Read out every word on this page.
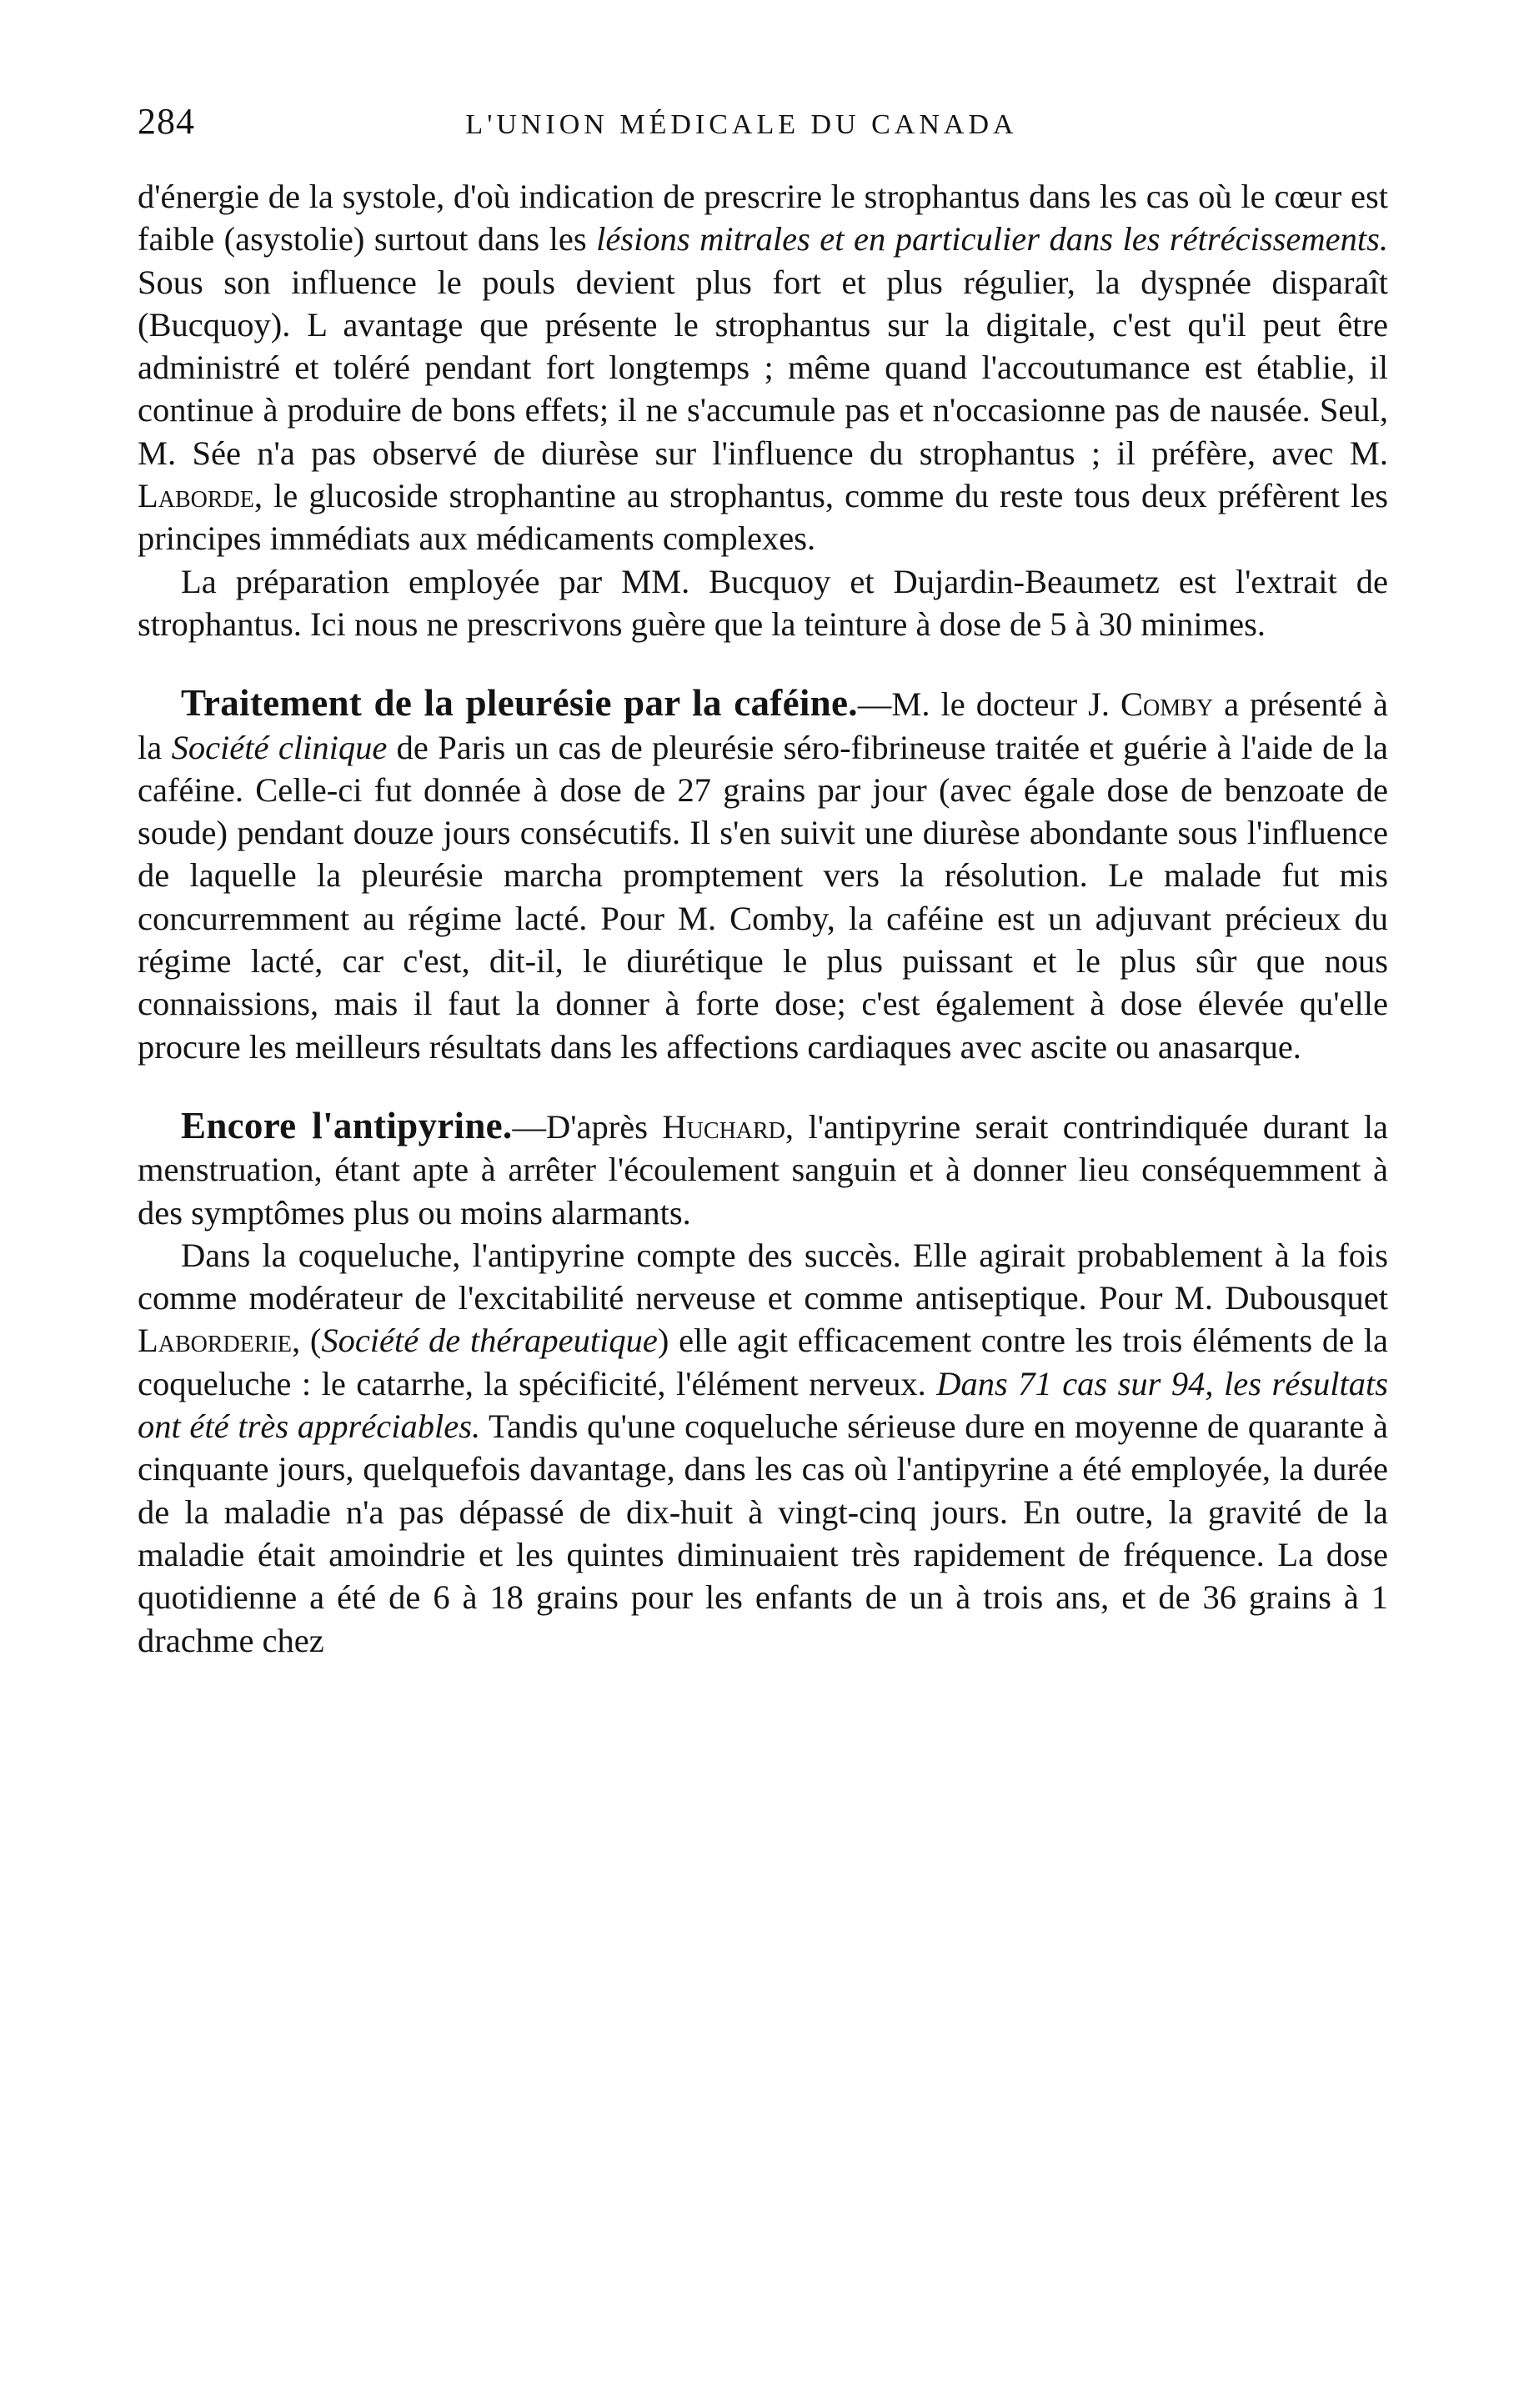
284	L'UNION MÉDICALE DU CANADA

d'énergie de la systole, d'où indication de prescrire le strophantus dans les cas où le cœur est faible (asystolie) surtout dans les lésions mitrales et en particulier dans les rétrécissements. Sous son influence le pouls devient plus fort et plus régulier, la dyspnée disparaît (Bucquoy). L avantage que présente le strophantus sur la digitale, c'est qu'il peut être administré et toléré pendant fort longtemps ; même quand l'accoutumance est établie, il continue à produire de bons effets; il ne s'accumule pas et n'occasionne pas de nausée. Seul, M. Sée n'a pas observé de diurèse sur l'influence du strophantus ; il préfère, avec M. Laborde, le glucoside strophantine au strophantus, comme du reste tous deux préfèrent les principes immédiats aux médicaments complexes.

La préparation employée par MM. Bucquoy et Dujardin-Beaumetz est l'extrait de strophantus. Ici nous ne prescrivons guère que la teinture à dose de 5 à 30 minimes.

Traitement de la pleurésie par la caféine.—M. le docteur J. Comby a présenté à la Société clinique de Paris un cas de pleurésie séro-fibrineuse traitée et guérie à l'aide de la caféine. Celle-ci fut donnée à dose de 27 grains par jour (avec égale dose de benzoate de soude) pendant douze jours consécutifs. Il s'en suivit une diurèse abondante sous l'influence de laquelle la pleurésie marcha promptement vers la résolution. Le malade fut mis concurremment au régime lacté. Pour M. Comby, la caféine est un adjuvant précieux du régime lacté, car c'est, dit-il, le diurétique le plus puissant et le plus sûr que nous connaissions, mais il faut la donner à forte dose; c'est également à dose élevée qu'elle procure les meilleurs résultats dans les affections cardiaques avec ascite ou anasarque.

Encore l'antipyrine.—D'après Huchard, l'antipyrine serait contrindiquée durant la menstruation, étant apte à arrêter l'écoulement sanguin et à donner lieu conséquemment à des symptômes plus ou moins alarmants.

Dans la coqueluche, l'antipyrine compte des succès. Elle agirait probablement à la fois comme modérateur de l'excitabilité nerveuse et comme antiseptique. Pour M. Dubousquet Laborderie, (Société de thérapeutique) elle agit efficacement contre les trois éléments de la coqueluche : le catarrhe, la spécificité, l'élément nerveux. Dans 71 cas sur 94, les résultats ont été très appréciables. Tandis qu'une coqueluche sérieuse dure en moyenne de quarante à cinquante jours, quelquefois davantage, dans les cas où l'antipyrine a été employée, la durée de la maladie n'a pas dépassé de dix-huit à vingt-cinq jours. En outre, la gravité de la maladie était amoindrie et les quintes diminuaient très rapidement de fréquence. La dose quotidienne a été de 6 à 18 grains pour les enfants de un à trois ans, et de 36 grains à 1 drachme chez
